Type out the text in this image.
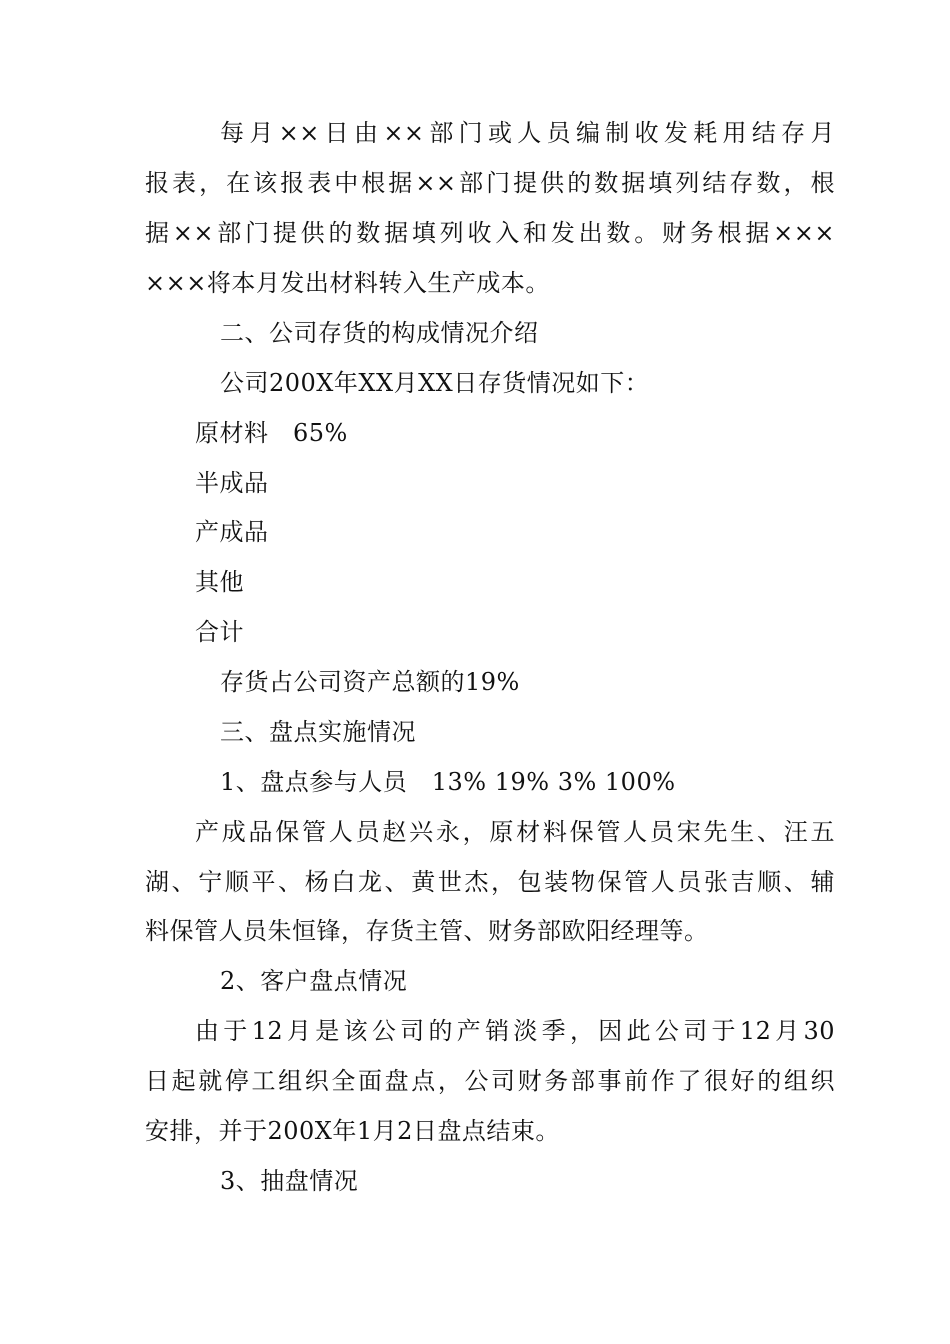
每月××日由××部门或人员编制收发耗用结存月
报表，在该报表中根据××部门提供的数据填列结存数，根
据××部门提供的数据填列收入和发出数。财务根据×××
×××将本月发出材料转入生产成本。
二、公司存货的构成情况介绍
公司200X年XX月XX日存货情况如下：
原材料　65%
半成品
产成品
其他
合计
存货占公司资产总额的19%
三、盘点实施情况
1、盘点参与人员　13% 19% 3% 100%
产成品保管人员赵兴永，原材料保管人员宋先生、汪五
湖、宁顺平、杨白龙、黄世杰，包装物保管人员张吉顺、辅
料保管人员朱恒锋，存货主管、财务部欧阳经理等。
2、客户盘点情况
由于12月是该公司的产销淡季，因此公司于12月30
日起就停工组织全面盘点，公司财务部事前作了很好的组织
安排，并于200X年1月2日盘点结束。
3、抽盘情况
